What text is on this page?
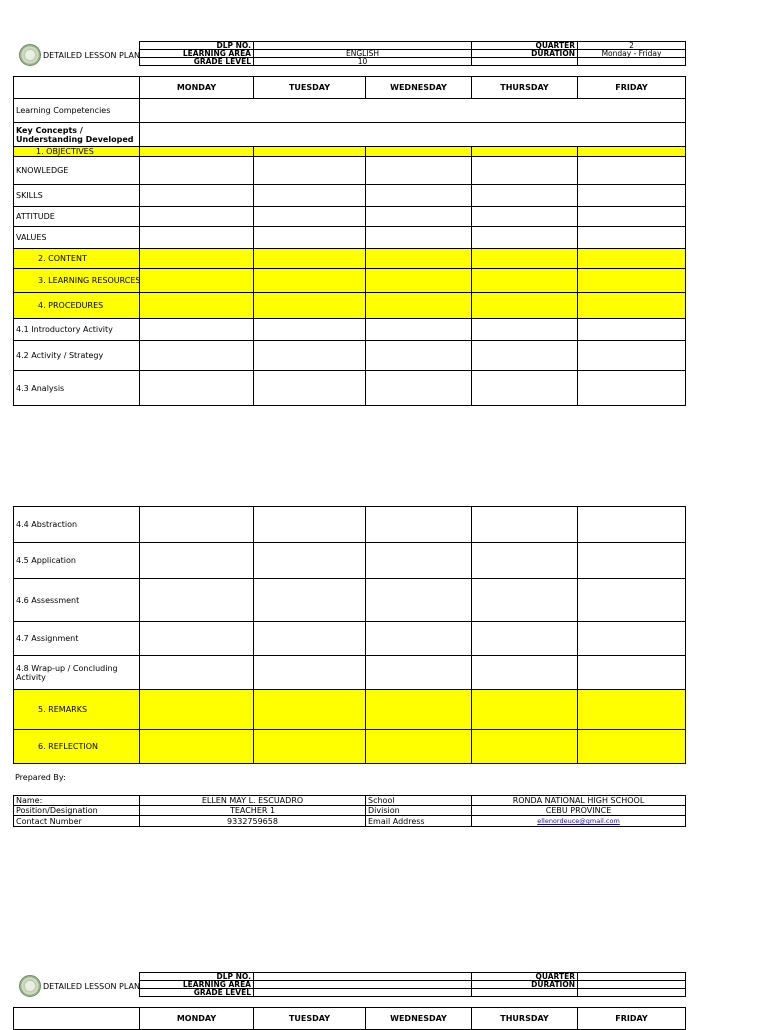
DETAILED LESSON PLAN
DLP NO.		QUARTER	2
LEARNING AREA	ENGLISH	DURATION	Monday - Friday
GRADE LEVEL	10		
	MONDAY	TUESDAY	WEDNESDAY	THURSDAY	FRIDAY
Learning Competencies					
Key Concepts / Understanding Developed					
1. OBJECTIVES					
KNOWLEDGE					
SKILLS					
ATTITUDE					
VALUES					
2. CONTENT					
3. LEARNING RESOURCES					
4. PROCEDURES					
4.1 Introductory Activity					
4.2 Activity / Strategy					
4.3 Analysis					
4.4 Abstraction					
4.5 Application					
4.6 Assessment					
4.7 Assignment					
4.8 Wrap-up / Concluding Activity					
5. REMARKS					
6. REFLECTION					
Prepared By:
Name:	ELLEN MAY L. ESCUADRO	School	RONDA NATIONAL HIGH SCHOOL
Position/Designation	TEACHER 1	Division	CEBU PROVINCE
Contact Number	9332759658	Email Address	ellenordeuce@gmail.com
DETAILED LESSON PLAN
DLP NO.		QUARTER	
LEARNING AREA		DURATION	
GRADE LEVEL			
	MONDAY	TUESDAY	WEDNESDAY	THURSDAY	FRIDAY
